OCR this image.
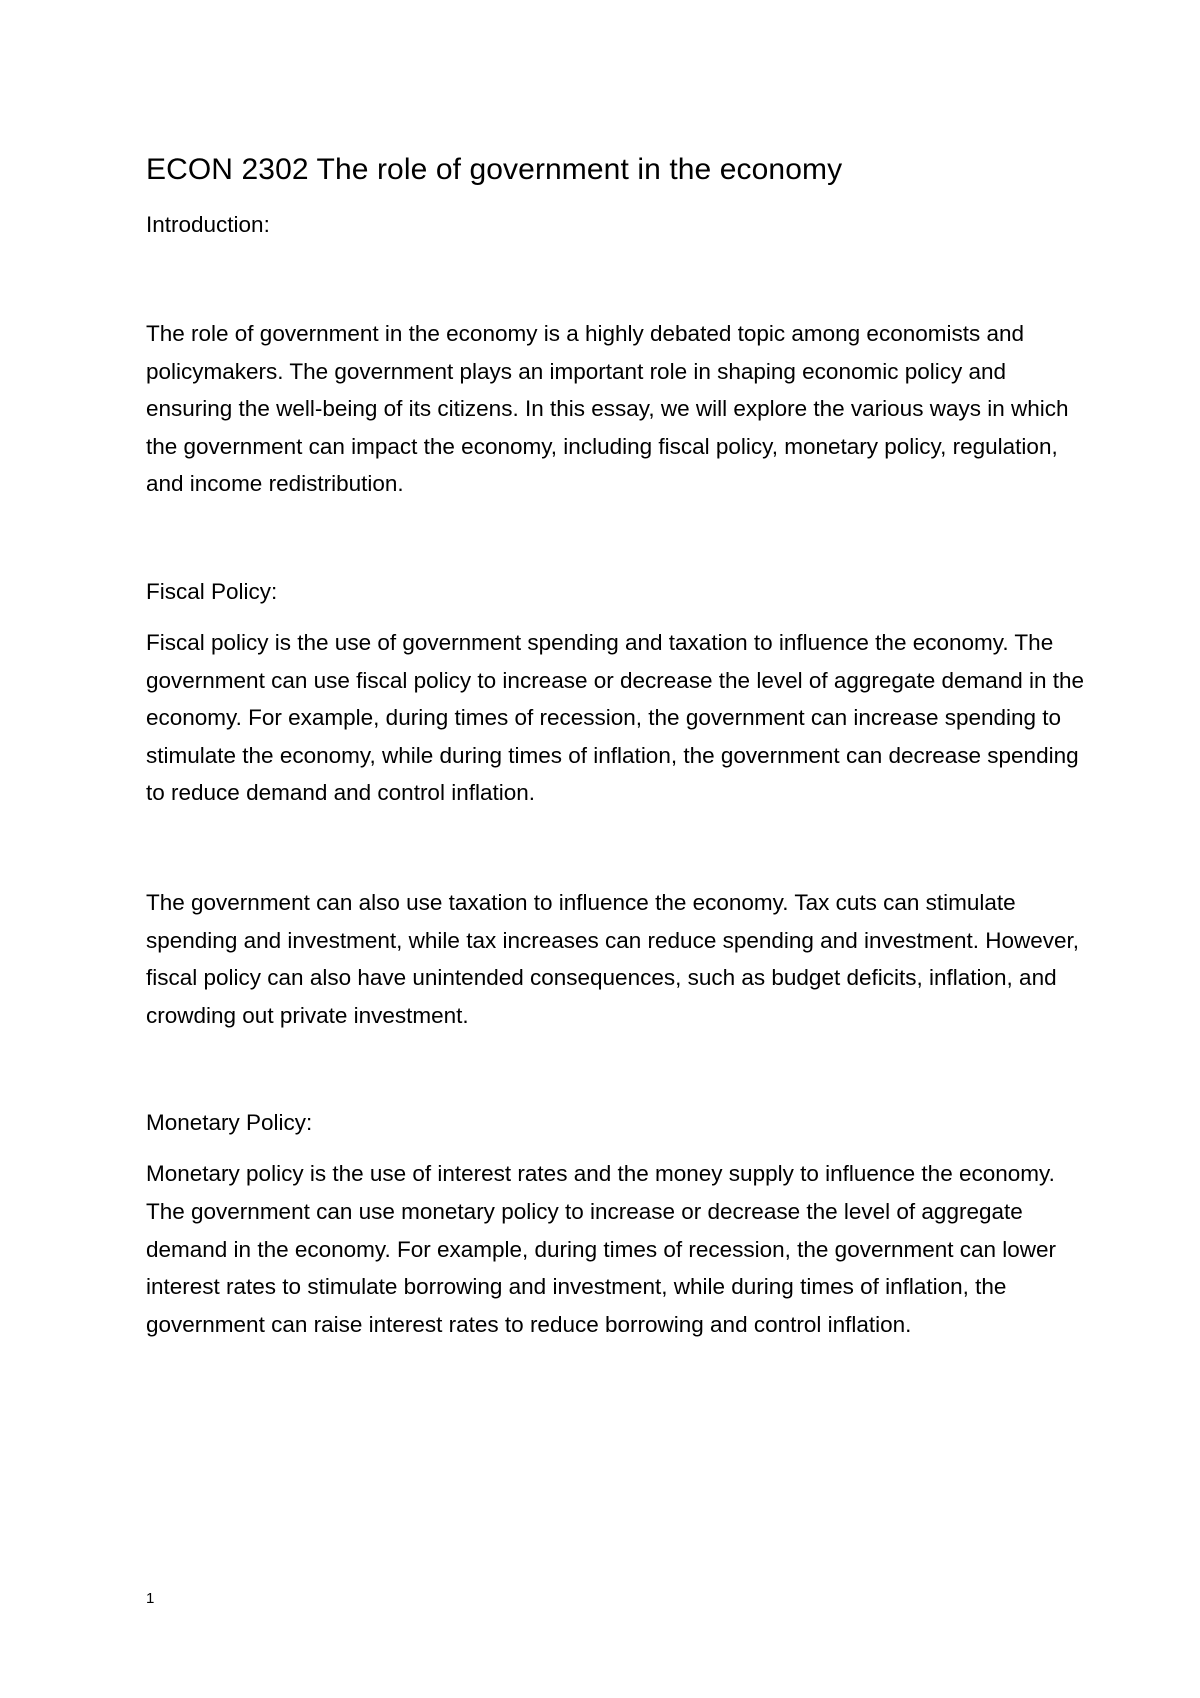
ECON 2302 The role of government in the economy

Introduction:

The role of government in the economy is a highly debated topic among economists and policymakers. The government plays an important role in shaping economic policy and ensuring the well-being of its citizens. In this essay, we will explore the various ways in which the government can impact the economy, including fiscal policy, monetary policy, regulation, and income redistribution.

Fiscal Policy:

Fiscal policy is the use of government spending and taxation to influence the economy. The government can use fiscal policy to increase or decrease the level of aggregate demand in the economy. For example, during times of recession, the government can increase spending to stimulate the economy, while during times of inflation, the government can decrease spending to reduce demand and control inflation.

The government can also use taxation to influence the economy. Tax cuts can stimulate spending and investment, while tax increases can reduce spending and investment. However, fiscal policy can also have unintended consequences, such as budget deficits, inflation, and crowding out private investment.

Monetary Policy:

Monetary policy is the use of interest rates and the money supply to influence the economy. The government can use monetary policy to increase or decrease the level of aggregate demand in the economy. For example, during times of recession, the government can lower interest rates to stimulate borrowing and investment, while during times of inflation, the government can raise interest rates to reduce borrowing and control inflation.

1
